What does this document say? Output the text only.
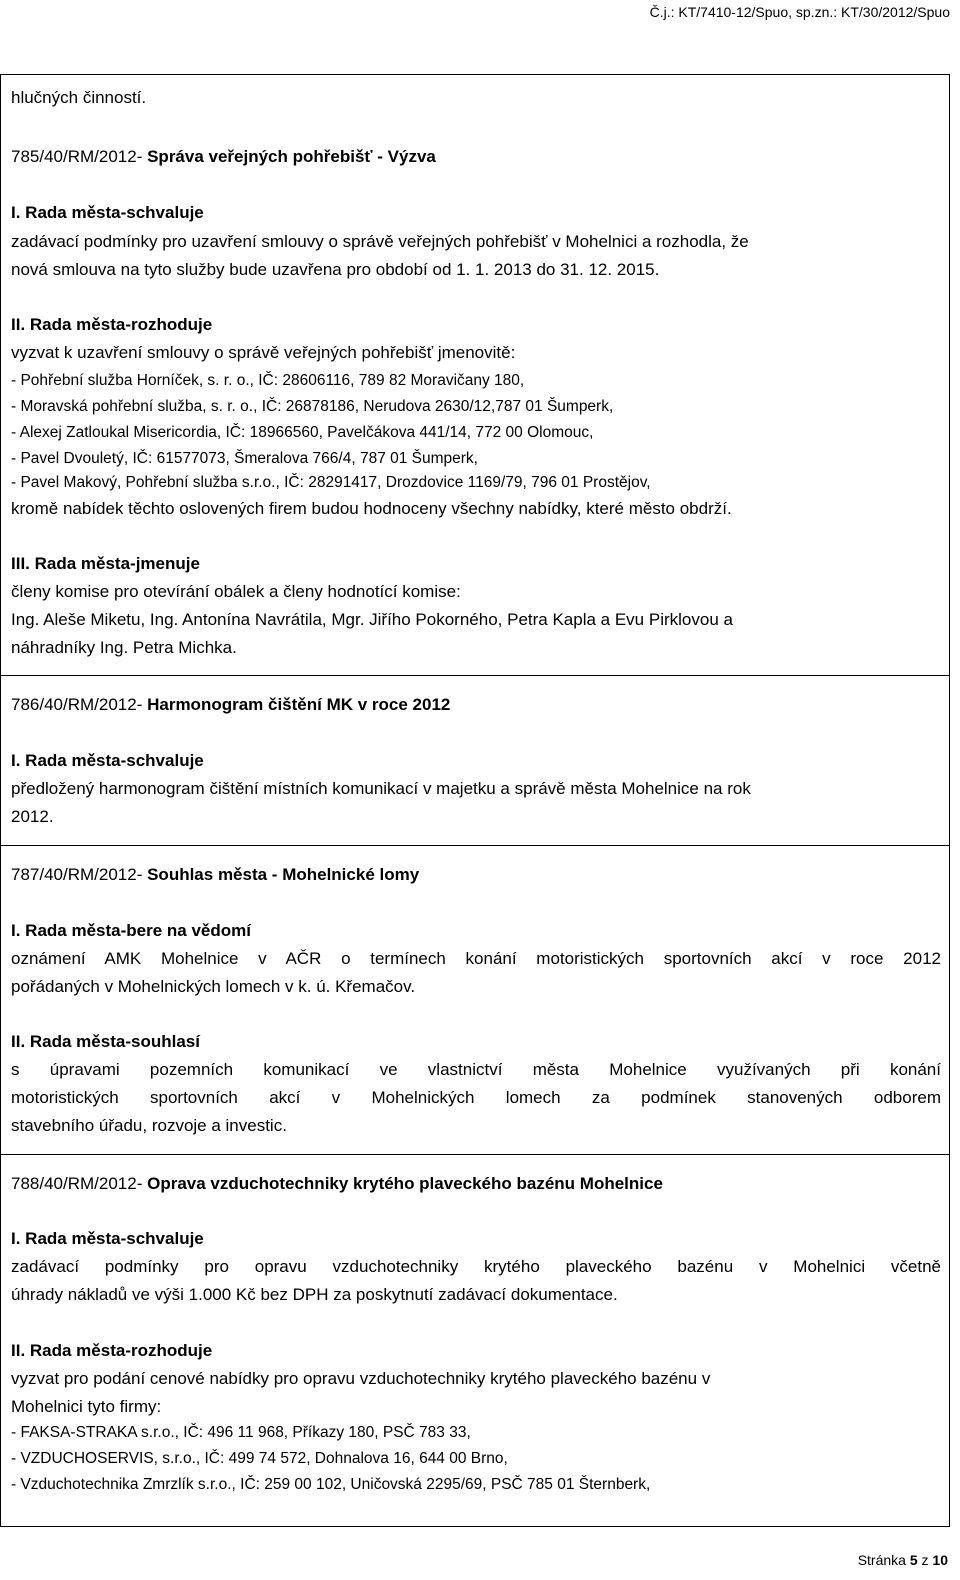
Č.j.: KT/7410-12/Spuo, sp.zn.: KT/30/2012/Spuo
hlučných činností.
785/40/RM/2012- Správa veřejných pohřebišť - Výzva
I. Rada města-schvaluje
zadávací podmínky pro uzavření smlouvy o správě veřejných pohřebišť v Mohelnici a rozhodla, že
nová smlouva na tyto služby bude uzavřena pro období od 1. 1. 2013 do 31. 12. 2015.
II. Rada města-rozhoduje
vyzvat k uzavření smlouvy o správě veřejných pohřebišť jmenovitě:
- Pohřební služba Horníček, s. r. o., IČ: 28606116, 789 82 Moravičany 180,
- Moravská pohřební služba, s. r. o., IČ: 26878186, Nerudova 2630/12,787 01 Šumperk,
- Alexej Zatloukal Misericordia, IČ: 18966560, Pavelčákova 441/14, 772 00 Olomouc,
- Pavel Dvouletý, IČ: 61577073, Šmeralova 766/4, 787 01 Šumperk,
- Pavel Makový, Pohřební služba s.r.o., IČ: 28291417, Drozdovice 1169/79, 796 01 Prostějov,
kromě nabídek těchto oslovených firem budou hodnoceny všechny nabídky, které město obdrží.
III. Rada města-jmenuje
členy komise pro otevírání obálek a členy hodnotící komise:
Ing. Aleše Miketu, Ing. Antonína Navrátila, Mgr. Jiřího Pokorného, Petra Kapla a Evu Pirklovou a
náhradníky Ing. Petra Michka.
786/40/RM/2012- Harmonogram čištění MK v roce 2012
I. Rada města-schvaluje
předložený harmonogram čištění místních komunikací v majetku a správě města Mohelnice na rok
2012.
787/40/RM/2012- Souhlas města - Mohelnické lomy
I. Rada města-bere na vědomí
oznámení AMK Mohelnice v AČR o termínech konání motoristických sportovních akcí v roce 2012
pořádaných v Mohelnických lomech v k. ú. Křemačov.
II. Rada města-souhlasí
s úpravami pozemních komunikací ve vlastnictví města Mohelnice využívaných při konání
motoristických sportovních akcí v Mohelnických lomech za podmínek stanovených odborem
stavebního úřadu, rozvoje a investic.
788/40/RM/2012- Oprava vzduchotechniky krytého plaveckého bazénu Mohelnice
I. Rada města-schvaluje
zadávací podmínky pro opravu vzduchotechniky krytého plaveckého bazénu v Mohelnici včetně
úhrady nákladů ve výši 1.000 Kč bez DPH za poskytnutí zadávací dokumentace.
II. Rada města-rozhoduje
vyzvat pro podání cenové nabídky pro opravu vzduchotechniky krytého plaveckého bazénu v
Mohelnici tyto firmy:
- FAKSA-STRAKA s.r.o., IČ: 496 11 968, Příkazy 180, PSČ 783 33,
- VZDUCHOSERVIS, s.r.o., IČ: 499 74 572, Dohnalova 16, 644 00 Brno,
- Vzduchotechnika Zmrzlík s.r.o., IČ: 259 00 102, Uničovská 2295/69, PSČ 785 01 Šternberk,
Stránka 5 z 10
